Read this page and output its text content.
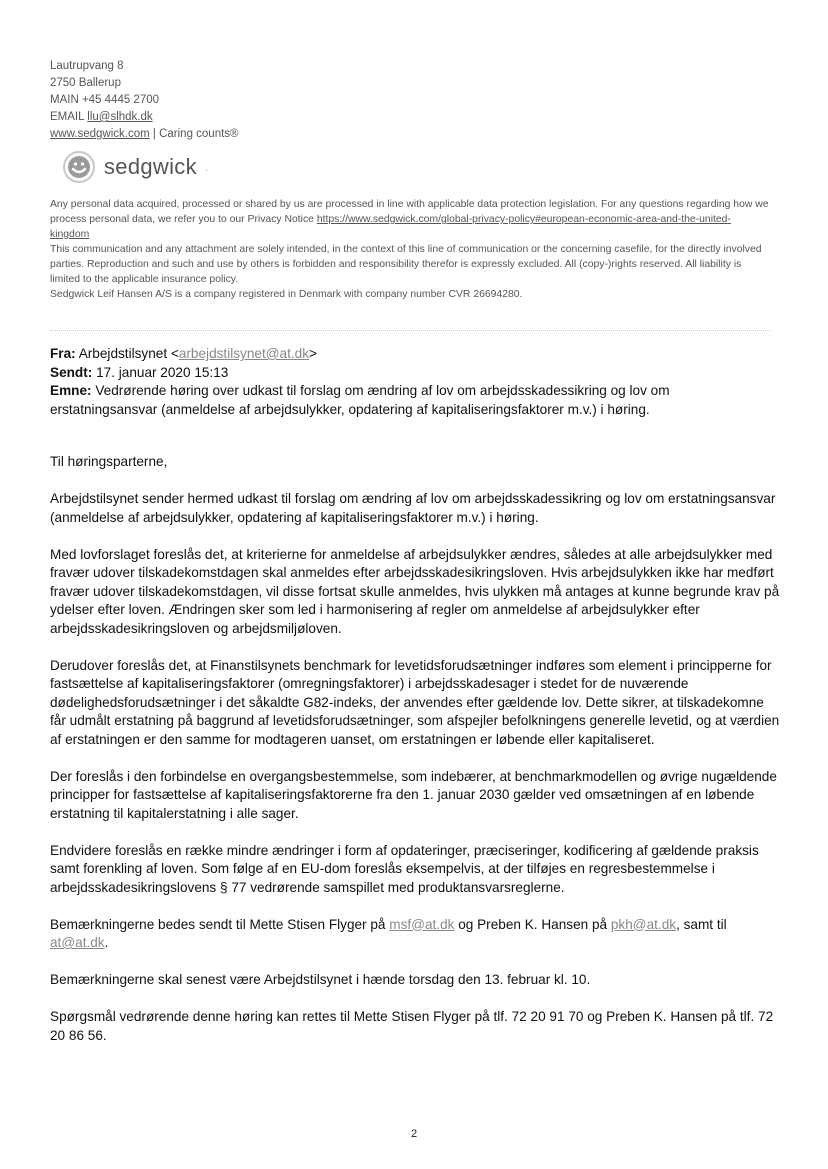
Lautrupvang 8
2750 Ballerup
MAIN +45 4445 2700
EMAIL llu@slhdk.dk
www.sedgwick.com | Caring counts®
sedgwick .

Any personal data acquired, processed or shared by us are processed in line with applicable data protection legislation. For any questions regarding how we process personal data, we refer you to our Privacy Notice https://www.sedgwick.com/global-privacy-policy#european-economic-area-and-the-united-kingdom

This communication and any attachment are solely intended, in the context of this line of communication or the concerning casefile, for the directly involved parties. Reproduction and such and use by others is forbidden and responsibility therefor is expressly excluded. All (copy-)rights reserved. All liability is limited to the applicable insurance policy.

Sedgwick Leif Hansen A/S is a company registered in Denmark with company number CVR 26694280.

Fra: Arbejdstilsynet <arbejdstilsynet@at.dk>
Sendt: 17. januar 2020 15:13
Emne: Vedrørende høring over udkast til forslag om ændring af lov om arbejdsskadessikring og lov om erstatningsansvar (anmeldelse af arbejdsulykker, opdatering af kapitaliseringsfaktorer m.v.) i høring.

Til høringsparterne,

Arbejdstilsynet sender hermed udkast til forslag om ændring af lov om arbejdsskadessikring og lov om erstatningsansvar (anmeldelse af arbejdsulykker, opdatering af kapitaliseringsfaktorer m.v.) i høring.

Med lovforslaget foreslås det, at kriterierne for anmeldelse af arbejdsulykker ændres, således at alle arbejdsulykker med fravær udover tilskadekomstdagen skal anmeldes efter arbejdsskadesikringsloven. Hvis arbejdsulykken ikke har medført fravær udover tilskadekomstdagen, vil disse fortsat skulle anmeldes, hvis ulykken må antages at kunne begrunde krav på ydelser efter loven. Ændringen sker som led i harmonisering af regler om anmeldelse af arbejdsulykker efter arbejdsskadesikringsloven og arbejdsmiljøloven.

Derudover foreslås det, at Finanstilsynets benchmark for levetidsforudsætninger indføres som element i principperne for fastsættelse af kapitaliseringsfaktorer (omregningsfaktorer) i arbejdsskadesager i stedet for de nuværende dødelighedsforudsætninger i det såkaldte G82-indeks, der anvendes efter gældende lov. Dette sikrer, at tilskadekomne får udmålt erstatning på baggrund af levetidsforudsætninger, som afspejler befolkningens generelle levetid, og at værdien af erstatningen er den samme for modtageren uanset, om erstatningen er løbende eller kapitaliseret.

Der foreslås i den forbindelse en overgangsbestemmelse, som indebærer, at benchmarkmodellen og øvrige nugældende principper for fastsættelse af kapitaliseringsfaktorerne fra den 1. januar 2030 gælder ved omsætningen af en løbende erstatning til kapitalerstatning i alle sager.

Endvidere foreslås en række mindre ændringer i form af opdateringer, præciseringer, kodificering af gældende praksis samt forenkling af loven. Som følge af en EU-dom foreslås eksempelvis, at der tilføjes en regresbestemmelse i arbejdsskadesikringslovens § 77 vedrørende samspillet med produktansvarsreglerne.

Bemærkningerne bedes sendt til Mette Stisen Flyger på msf@at.dk og Preben K. Hansen på pkh@at.dk, samt til at@at.dk.

Bemærkningerne skal senest være Arbejdstilsynet i hænde torsdag den 13. februar kl. 10.

Spørgsmål vedrørende denne høring kan rettes til Mette Stisen Flyger på tlf. 72 20 91 70 og Preben K. Hansen på tlf. 72 20 86 56.

2
